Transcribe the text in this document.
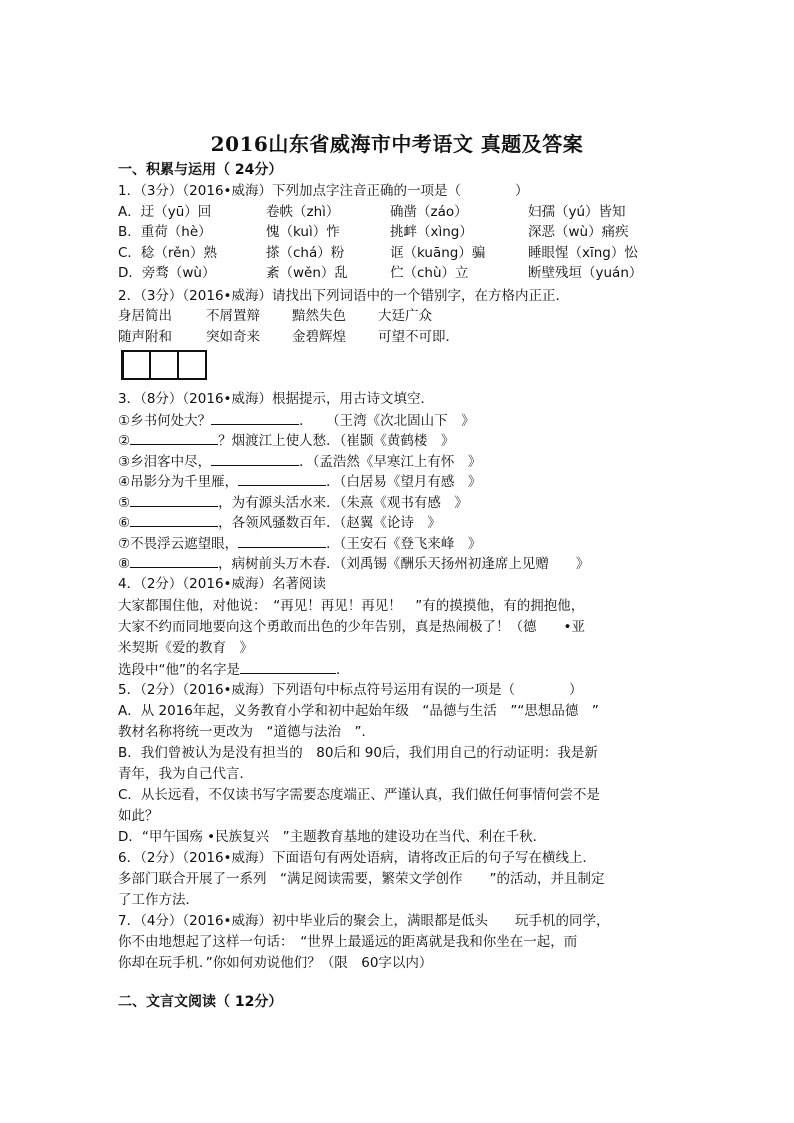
2016山东省威海市中考语文 真题及答案
一、积累与运用（ 24分）
1．（3分）（2016•威海）下列加点字注音正确的一项是（　　　　）
A．迂（yū）回	卷帙（zhì）	确凿（záo）	妇孺（yú）皆知
B．重荷（hè）	愧（kuì）怍	挑衅（xìng）	深恶（wù）痛疾
C．稔（rěn）熟	搽（chá）粉	诓（kuāng）骗	睡眼惺（xīng）忪
D．旁骛（wù）	紊（wěn）乱	伫（chù）立	断壁残垣（yuán）
2．（3分）（2016•威海）请找出下列词语中的一个错别字，在方格内正正．
身居简出	不屑置辩 黯然失色 大廷广众
随声附和	突如奇来 金碧辉煌 可望不可即．
3．（8分）（2016•威海）根据提示，用古诗文填空．
①乡书何处大？	．　　（王湾《次北固山下　》
②	？烟渡江上使人愁．（崔颢《黄鹤楼　》
③乡泪客中尽，	．（孟浩然《早寒江上有怀　》
④吊影分为千里雁，	．（白居易《望月有感　》
⑤	，为有源头活水来．（朱熹《观书有感　》
⑥	，各领风骚数百年．（赵翼《论诗　》
⑦不畏浮云遮望眼，	．（王安石《登飞来峰　》
⑧	，病树前头万木春．（刘禹锡《酬乐天扬州初逢席上见赠　　》
4．（2分）（2016•威海）名著阅读
大家都围住他，对他说：　“再见！再见！再见！　”有的摸摸他，有的拥抱他，
大家不约而同地要向这个勇敢而出色的少年告别，真是热闹极了！（德　　•亚
米契斯《爱的教育　》
选段中“他”的名字是	．
5．（2分）（2016•威海）下列语句中标点符号运用有误的一项是（　　　　）
A．从 2016年起，义务教育小学和初中起始年级　“品德与生活　”“思想品德　”
教材名称将统一更改为　“道德与法治　”．
B．我们曾被认为是没有担当的　80后和 90后，我们用自己的行动证明：我是新
青年，我为自己代言．
C．从长远看，不仅读书写字需要态度端正、严谨认真，我们做任何事情何尝不是
如此？
D．“甲午国殇 •民族复兴　”主题教育基地的建设功在当代、利在千秋．
6．（2分）（2016•威海）下面语句有两处语病，请将改正后的句子写在横线上．
多部门联合开展了一系列　“满足阅读需要，繁荣文学创作　　”的活动，并且制定
了工作方法．
7．（4分）（2016•威海）初中毕业后的聚会上，满眼都是低头　　玩手机的同学，
你不由地想起了这样一句话：　“世界上最遥远的距离就是我和你坐在一起，而
你却在玩手机．”你如何劝说他们？（限　60字以内）
二、文言文阅读（ 12分）
